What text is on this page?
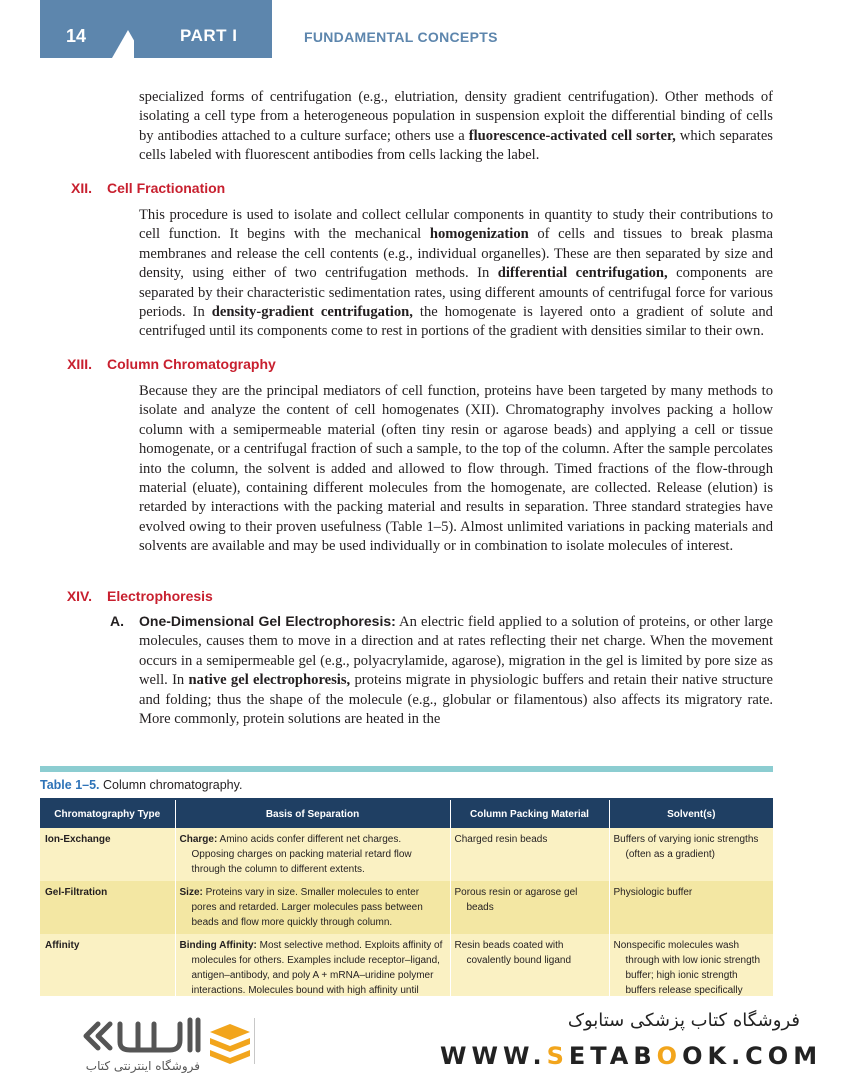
14	PART I	FUNDAMENTAL CONCEPTS

specialized forms of centrifugation (e.g., elutriation, density gradient centrifugation). Other methods of isolating a cell type from a heterogeneous population in suspension exploit the differential binding of cells by antibodies attached to a culture surface; others use a fluorescence-activated cell sorter, which separates cells labeled with fluorescent antibodies from cells lacking the label.

XII. Cell Fractionation

This procedure is used to isolate and collect cellular components in quantity to study their contributions to cell function. It begins with the mechanical homogenization of cells and tissues to break plasma membranes and release the cell contents (e.g., individual organelles). These are then separated by size and density, using either of two centrifugation methods. In differential centrifugation, components are separated by their characteristic sedimentation rates, using different amounts of centrifugal force for various periods. In density-gradient centrifugation, the homogenate is layered onto a gradient of solute and centrifuged until its components come to rest in portions of the gradient with densities similar to their own.

XIII. Column Chromatography

Because they are the principal mediators of cell function, proteins have been targeted by many methods to isolate and analyze the content of cell homogenates (XII). Chromatography involves packing a hollow column with a semipermeable material (often tiny resin or agarose beads) and applying a cell or tissue homogenate, or a centrifugal fraction of such a sample, to the top of the column. After the sample percolates into the column, the solvent is added and allowed to flow through. Timed fractions of the flow-through material (eluate), containing different molecules from the homogenate, are collected. Release (elution) is retarded by interactions with the packing material and results in separation. Three standard strategies have evolved owing to their proven usefulness (Table 1–5). Almost unlimited variations in packing materials and solvents are available and may be used individually or in combination to isolate molecules of interest.

XIV. Electrophoresis
A. One-Dimensional Gel Electrophoresis: An electric field applied to a solution of proteins, or other large molecules, causes them to move in a direction and at rates reflecting their net charge. When the movement occurs in a semipermeable gel (e.g., polyacrylamide, agarose), migration in the gel is limited by pore size as well. In native gel electrophoresis, proteins migrate in physiologic buffers and retain their native structure and folding; thus the shape of the molecule (e.g., globular or filamentous) also affects its migratory rate. More commonly, protein solutions are heated in the

Table 1–5. Column chromatography.
Chromatography Type	Basis of Separation	Column Packing Material	Solvent(s)
Ion-Exchange	Charge: Amino acids confer different net charges. Opposing charges on packing material retard flow through the column to different extents.	Charged resin beads	Buffers of varying ionic strengths (often as a gradient)
Gel-Filtration	Size: Proteins vary in size. Smaller molecules to enter pores and retarded. Larger molecules pass between beads and flow more quickly through column.	Porous resin or agarose gel beads	Physiologic buffer
Affinity	Binding Affinity: Most selective method. Exploits affinity of molecules for others. Examples include receptor–ligand, antigen–antibody, and poly A + mRNA–uridine polymer interactions. Molecules bound with high affinity until	Resin beads coated with covalently bound ligand	Nonspecific molecules wash through with low ionic strength buffer; high ionic strength buffers release specifically
فروشگاه اینترنتی کتاب
فروشگاه کتاب پزشکی ستابوک
WWW.SETABOOK.COM
